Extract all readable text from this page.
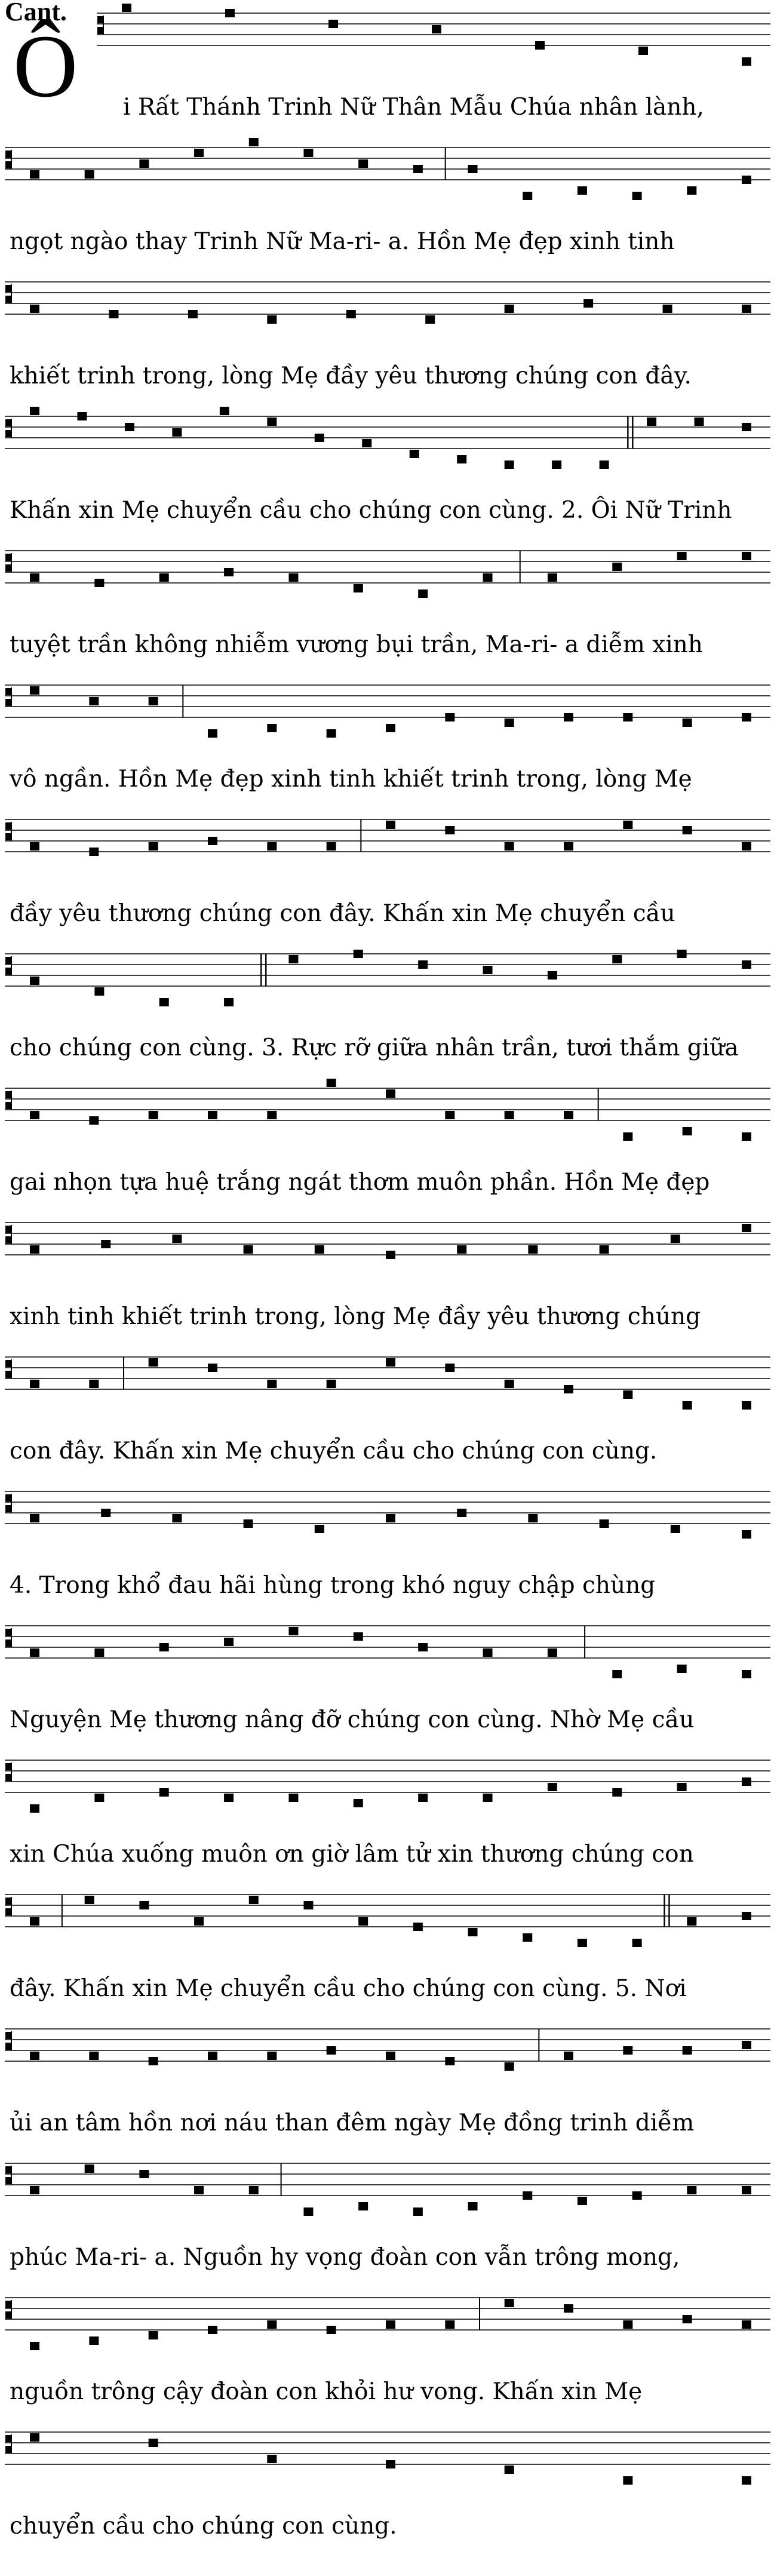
Cant.
Ô i Rất Thánh Trinh Nữ Thân Mẫu Chúa nhân lành,
ngọt ngào thay Trinh Nữ Ma-ri- a. Hồn Mẹ đẹp xinh tinh
khiết trinh trong, lòng Mẹ đầy yêu thương chúng con đây.
Khấn xin Mẹ chuyển cầu cho chúng con cùng. 2. Ôi Nữ Trinh
tuyệt trần không nhiễm vương bụi trần, Ma-ri- a diễm xinh
vô ngần. Hồn Mẹ đẹp xinh tinh khiết trinh trong, lòng Mẹ
đầy yêu thương chúng con đây. Khấn xin Mẹ chuyển cầu
cho chúng con cùng. 3. Rực rỡ giữa nhân trần, tươi thắm giữa
gai nhọn tựa huệ trắng ngát thơm muôn phần. Hồn Mẹ đẹp
xinh tinh khiết trinh trong, lòng Mẹ đầy yêu thương chúng
con đây. Khấn xin Mẹ chuyển cầu cho chúng con cùng.
4. Trong khổ đau hãi hùng trong khó nguy chập chùng
Nguyện Mẹ thương nâng đỡ chúng con cùng. Nhờ Mẹ cầu
xin Chúa xuống muôn ơn giờ lâm tử xin thương chúng con
đây. Khấn xin Mẹ chuyển cầu cho chúng con cùng. 5. Nơi
ủi an tâm hồn nơi náu than đêm ngày Mẹ đồng trinh diễm
phúc Ma-ri- a. Nguồn hy vọng đoàn con vẫn trông mong,
nguồn trông cậy đoàn con khỏi hư vong. Khấn xin Mẹ
chuyển cầu cho chúng con cùng.
